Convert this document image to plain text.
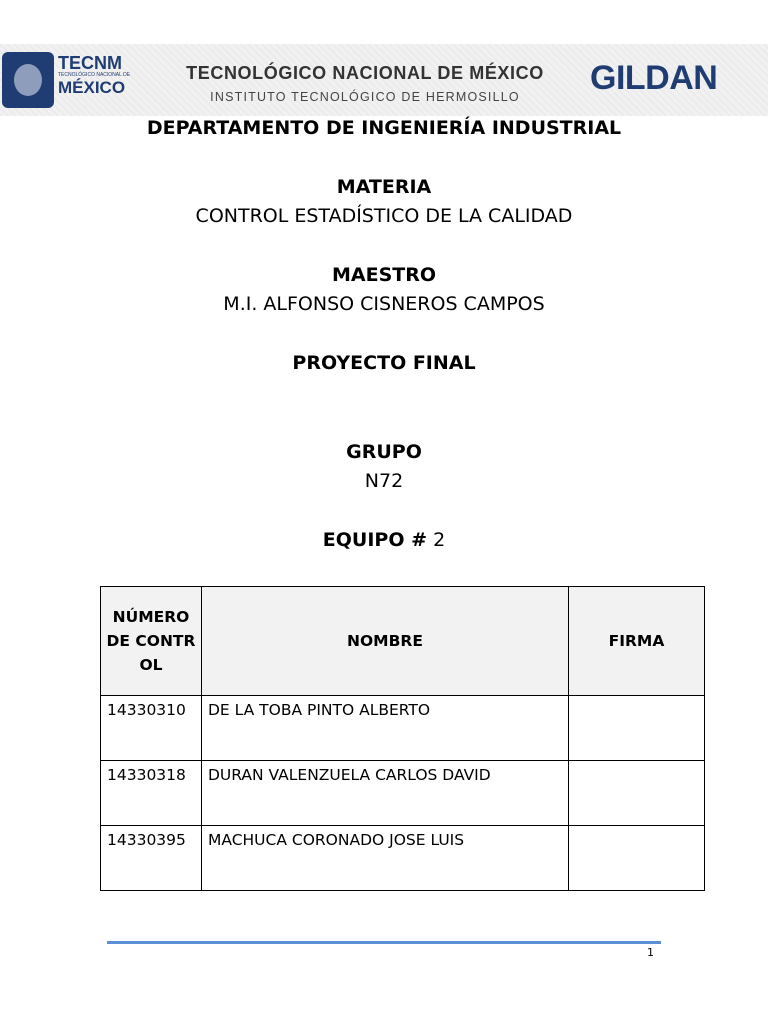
TECNM
TECNOLÓGICO NACIONAL DE
MÉXICO
TECNOLÓGICO NACIONAL DE MÉXICO
INSTITUTO TECNOLÓGICO DE HERMOSILLO	GILDAN
DEPARTAMENTO DE INGENIERÍA INDUSTRIAL
MATERIA
CONTROL ESTADÍSTICO DE LA CALIDAD
MAESTRO
M.I. ALFONSO CISNEROS CAMPOS
PROYECTO FINAL
GRUPO
N72
EQUIPO # 2
NÚMERO DE CONTROL	NOMBRE	FIRMA
14330310	DE LA TOBA PINTO ALBERTO	
14330318	DURAN VALENZUELA CARLOS DAVID	
14330395	MACHUCA CORONADO JOSE LUIS	
1
